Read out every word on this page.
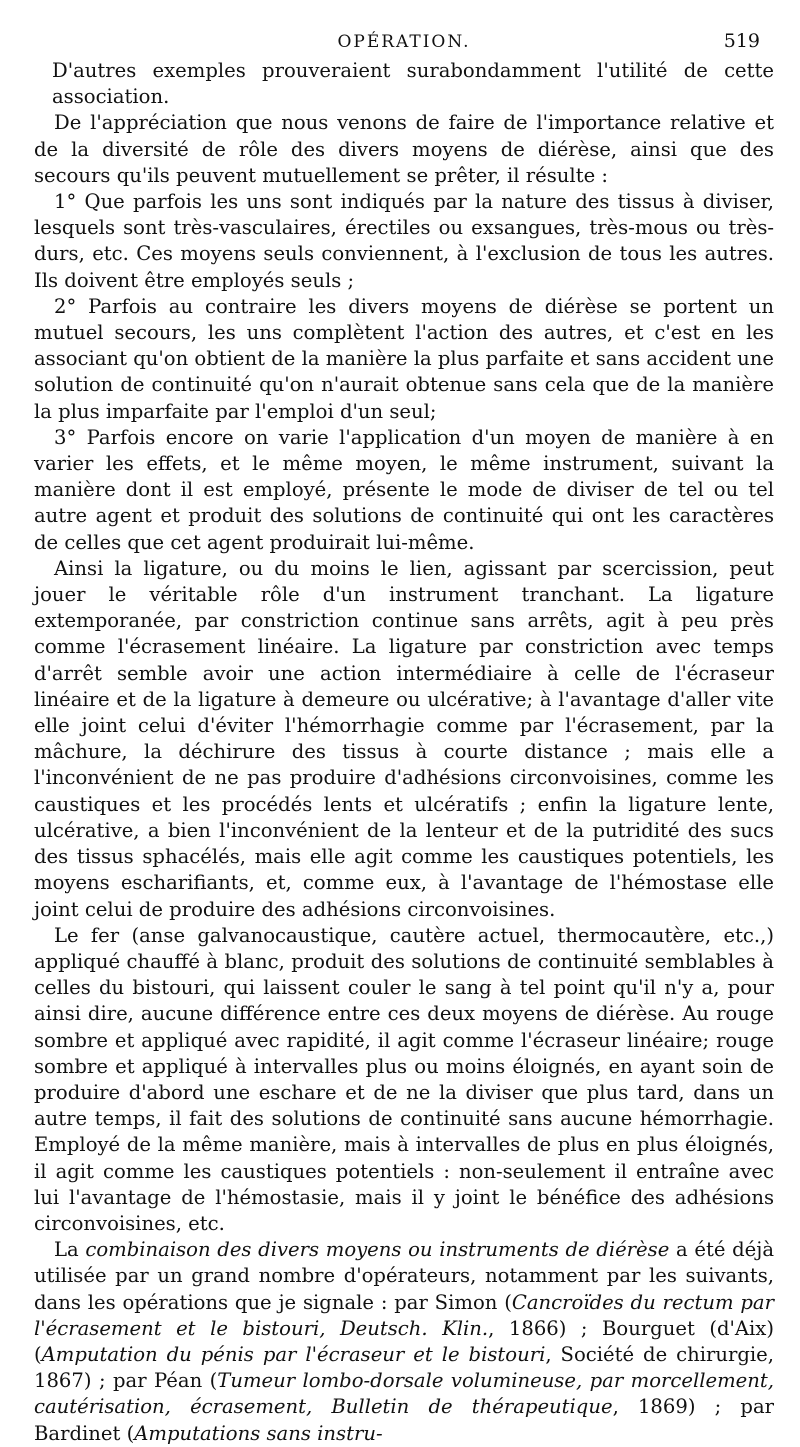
OPÉRATION.	519

D'autres exemples prouveraient surabondamment l'utilité de cette association.

De l'appréciation que nous venons de faire de l'importance relative et de la diversité de rôle des divers moyens de diérèse, ainsi que des secours qu'ils peuvent mutuellement se prêter, il résulte :

1° Que parfois les uns sont indiqués par la nature des tissus à diviser, lesquels sont très-vasculaires, érectiles ou exsangues, très-mous ou très-durs, etc. Ces moyens seuls conviennent, à l'exclusion de tous les autres. Ils doivent être employés seuls ;

2° Parfois au contraire les divers moyens de diérèse se portent un mutuel secours, les uns complètent l'action des autres, et c'est en les associant qu'on obtient de la manière la plus parfaite et sans accident une solution de continuité qu'on n'aurait obtenue sans cela que de la manière la plus imparfaite par l'emploi d'un seul;

3° Parfois encore on varie l'application d'un moyen de manière à en varier les effets, et le même moyen, le même instrument, suivant la manière dont il est employé, présente le mode de diviser de tel ou tel autre agent et produit des solutions de continuité qui ont les caractères de celles que cet agent produirait lui-même.

Ainsi la ligature, ou du moins le lien, agissant par scercission, peut jouer le véritable rôle d'un instrument tranchant. La ligature extemporanée, par constriction continue sans arrêts, agit à peu près comme l'écrasement linéaire. La ligature par constriction avec temps d'arrêt semble avoir une action intermédiaire à celle de l'écraseur linéaire et de la ligature à demeure ou ulcérative; à l'avantage d'aller vite elle joint celui d'éviter l'hémorrhagie comme par l'écrasement, par la mâchure, la déchirure des tissus à courte distance ; mais elle a l'inconvénient de ne pas produire d'adhésions circonvoisines, comme les caustiques et les procédés lents et ulcératifs ; enfin la ligature lente, ulcérative, a bien l'inconvénient de la lenteur et de la putridité des sucs des tissus sphacélés, mais elle agit comme les caustiques potentiels, les moyens escharifiants, et, comme eux, à l'avantage de l'hémostase elle joint celui de produire des adhésions circonvoisines.

Le fer (anse galvanocaustique, cautère actuel, thermocautère, etc.,) appliqué chauffé à blanc, produit des solutions de continuité semblables à celles du bistouri, qui laissent couler le sang à tel point qu'il n'y a, pour ainsi dire, aucune différence entre ces deux moyens de diérèse. Au rouge sombre et appliqué avec rapidité, il agit comme l'écraseur linéaire; rouge sombre et appliqué à intervalles plus ou moins éloignés, en ayant soin de produire d'abord une eschare et de ne la diviser que plus tard, dans un autre temps, il fait des solutions de continuité sans aucune hémorrhagie. Employé de la même manière, mais à intervalles de plus en plus éloignés, il agit comme les caustiques potentiels : non-seulement il entraîne avec lui l'avantage de l'hémostasie, mais il y joint le bénéfice des adhésions circonvoisines, etc.

La combinaison des divers moyens ou instruments de diérèse a été déjà utilisée par un grand nombre d'opérateurs, notamment par les suivants, dans les opérations que je signale : par Simon (Cancroïdes du rectum par l'écrasement et le bistouri, Deutsch. Klin., 1866) ; Bourguet (d'Aix) (Amputation du pénis par l'écraseur et le bistouri, Société de chirurgie, 1867) ; par Péan (Tumeur lombo-dorsale volumineuse, par morcellement, cautérisation, écrasement, Bulletin de thérapeutique, 1869) ; par Bardinet (Amputations sans instru-
